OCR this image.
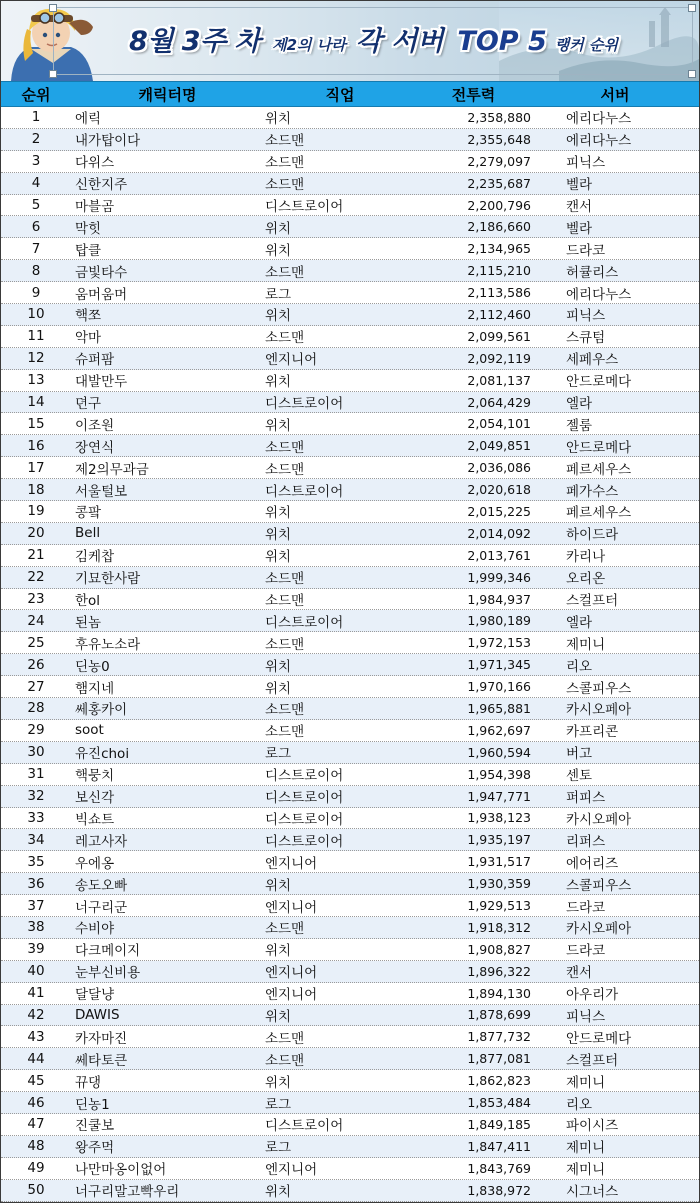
8월 3주 차 제2의 나라 각 서버 TOP 5 랭커 순위
순위	캐릭터명	직업	전투력	서버
1	에릭	위치	2,358,880	에리다누스
2	내가탑이다	소드맨	2,355,648	에리다누스
3	다위스	소드맨	2,279,097	피닉스
4	신한지주	소드맨	2,235,687	벨라
5	마블곰	디스트로이어	2,200,796	캔서
6	막힛	위치	2,186,660	벨라
7	탑클	위치	2,134,965	드라코
8	금빛타수	소드맨	2,115,210	허큘리스
9	움머움머	로그	2,113,586	에리다누스
10	핵쪼	위치	2,112,460	피닉스
11	악마	소드맨	2,099,561	스큐텀
12	슈퍼팜	엔지니어	2,092,119	세페우스
13	대발만두	위치	2,081,137	안드로메다
14	뎐구	디스트로이어	2,064,429	엘라
15	이조원	위치	2,054,101	젤룸
16	장연식	소드맨	2,049,851	안드로메다
17	제2의무과금	소드맨	2,036,086	페르세우스
18	서울털보	디스트로이어	2,020,618	페가수스
19	콩팤	위치	2,015,225	페르세우스
20	Bell	위치	2,014,092	하이드라
21	김케찹	위치	2,013,761	카리나
22	기묘한사람	소드맨	1,999,346	오리온
23	한ol	소드맨	1,984,937	스컬프터
24	된놈	디스트로이어	1,980,189	엘라
25	후유노소라	소드맨	1,972,153	제미니
26	딘농0	위치	1,971,345	리오
27	햄지네	위치	1,970,166	스콜피우스
28	쎄홍카이	소드맨	1,965,881	카시오페아
29	soot	소드맨	1,962,697	카프리콘
30	유진choi	로그	1,960,594	버고
31	핵뭉치	디스트로이어	1,954,398	센토
32	보신각	디스트로이어	1,947,771	퍼피스
33	빅쇼트	디스트로이어	1,938,123	카시오페아
34	레고사자	디스트로이어	1,935,197	리퍼스
35	우에옹	엔지니어	1,931,517	에어리즈
36	송도오빠	위치	1,930,359	스콜피우스
37	너구리군	엔지니어	1,929,513	드라코
38	수비야	소드맨	1,918,312	카시오페아
39	다크메이지	위치	1,908,827	드라코
40	눈부신비용	엔지니어	1,896,322	캔서
41	달달냥	엔지니어	1,894,130	아우리가
42	DAWIS	위치	1,878,699	피닉스
43	카자마진	소드맨	1,877,732	안드로메다
44	쎄타토큰	소드맨	1,877,081	스컬프터
45	뀨댕	위치	1,862,823	제미니
46	딘농1	로그	1,853,484	리오
47	진쿨보	디스트로이어	1,849,185	파이시즈
48	왕주먹	로그	1,847,411	제미니
49	나만마옹이없어	엔지니어	1,843,769	제미니
50	너구리말고빡우리	위치	1,838,972	시그너스
